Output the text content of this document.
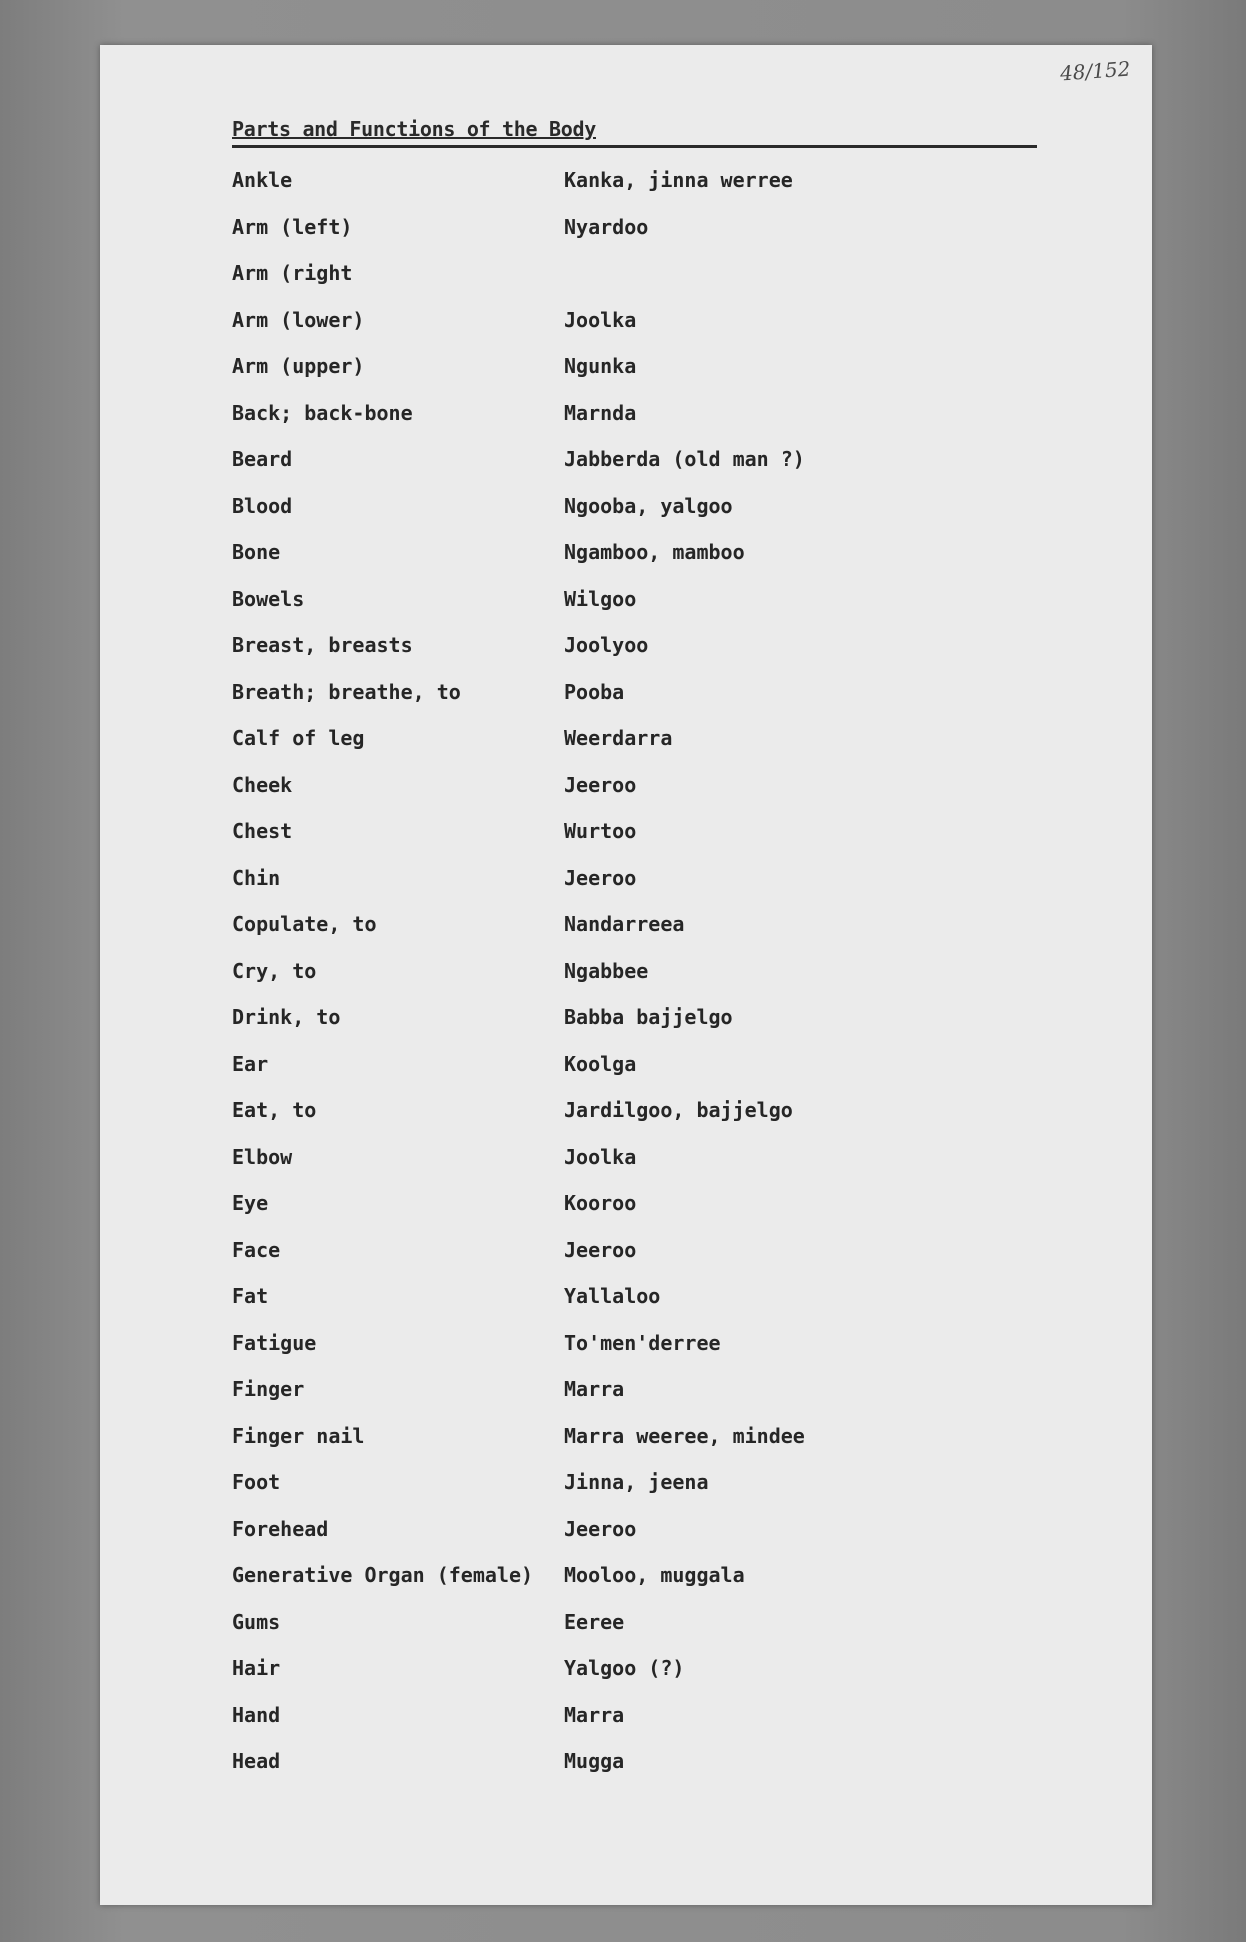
48/152
Parts and Functions of the Body
Ankle	Kanka, jinna werree
Arm (left)	Nyardoo
Arm (right
Arm (lower)	Joolka
Arm (upper)	Ngunka
Back; back-bone	Marnda
Beard	Jabberda (old man ?)
Blood	Ngooba, yalgoo
Bone	Ngamboo, mamboo
Bowels	Wilgoo
Breast, breasts	Joolyoo
Breath; breathe, to	Pooba
Calf of leg	Weerdarra
Cheek	Jeeroo
Chest	Wurtoo
Chin	Jeeroo
Copulate, to	Nandarreea
Cry, to	Ngabbee
Drink, to	Babba bajjelgo
Ear	Koolga
Eat, to	Jardilgoo, bajjelgo
Elbow	Joolka
Eye	Kooroo
Face	Jeeroo
Fat	Yallaloo
Fatigue	To'men'derree
Finger	Marra
Finger nail	Marra weeree, mindee
Foot	Jinna, jeena
Forehead	Jeeroo
Generative Organ (female)	Mooloo, muggala
Gums	Eeree
Hair	Yalgoo (?)
Hand	Marra
Head	Mugga
